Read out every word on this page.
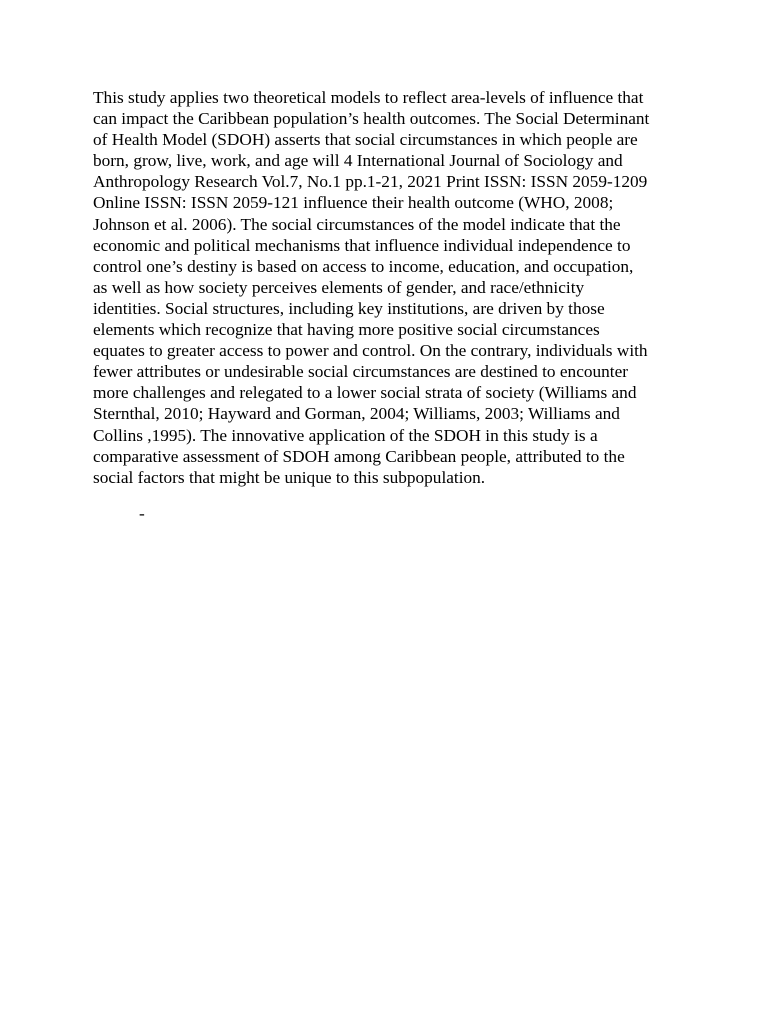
This study applies two theoretical models to reflect area-levels of influence that
can impact the Caribbean population’s health outcomes. The Social Determinant
of Health Model (SDOH) asserts that social circumstances in which people are
born, grow, live, work, and age will 4 International Journal of Sociology and
Anthropology Research Vol.7, No.1 pp.1-21, 2021 Print ISSN: ISSN 2059-1209
Online ISSN: ISSN 2059-121 influence their health outcome (WHO, 2008;
Johnson et al. 2006). The social circumstances of the model indicate that the
economic and political mechanisms that influence individual independence to
control one’s destiny is based on access to income, education, and occupation,
as well as how society perceives elements of gender, and race/ethnicity
identities. Social structures, including key institutions, are driven by those
elements which recognize that having more positive social circumstances
equates to greater access to power and control. On the contrary, individuals with
fewer attributes or undesirable social circumstances are destined to encounter
more challenges and relegated to a lower social strata of society (Williams and
Sternthal, 2010; Hayward and Gorman, 2004; Williams, 2003; Williams and
Collins ,1995). The innovative application of the SDOH in this study is a
comparative assessment of SDOH among Caribbean people, attributed to the
social factors that might be unique to this subpopulation.

-
